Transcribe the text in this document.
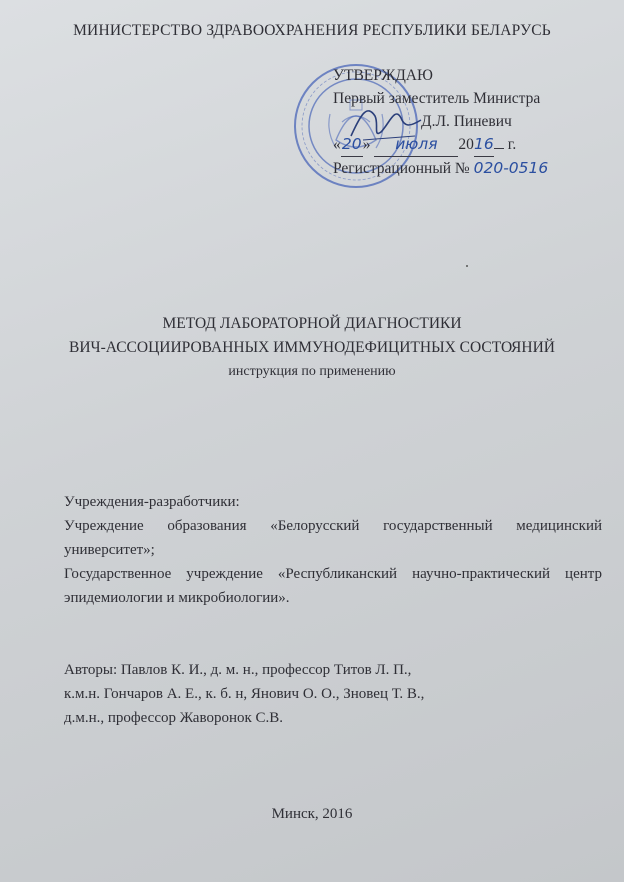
МИНИСТЕРСТВО ЗДРАВООХРАНЕНИЯ РЕСПУБЛИКИ БЕЛАРУСЬ
УТВЕРЖДАЮ
Первый заместитель Министра
Д.Л. Пиневич
«20» июля 2016 г.
Регистрационный № 020-0516
МЕТОД ЛАБОРАТОРНОЙ ДИАГНОСТИКИ
ВИЧ-АССОЦИИРОВАННЫХ ИММУНОДЕФИЦИТНЫХ СОСТОЯНИЙ
инструкция по применению

Учреждения-разработчики:

Учреждение образования «Белорусский государственный медицинский университет»;

Государственное учреждение «Республиканский научно-практический центр эпидемиологии и микробиологии».

Авторы: Павлов К. И., д. м. н., профессор Титов Л. П.,

к.м.н. Гончаров А. Е., к. б. н, Янович О. О., Зновец Т. В.,

д.м.н., профессор Жаворонок С.В.

Минск, 2016
